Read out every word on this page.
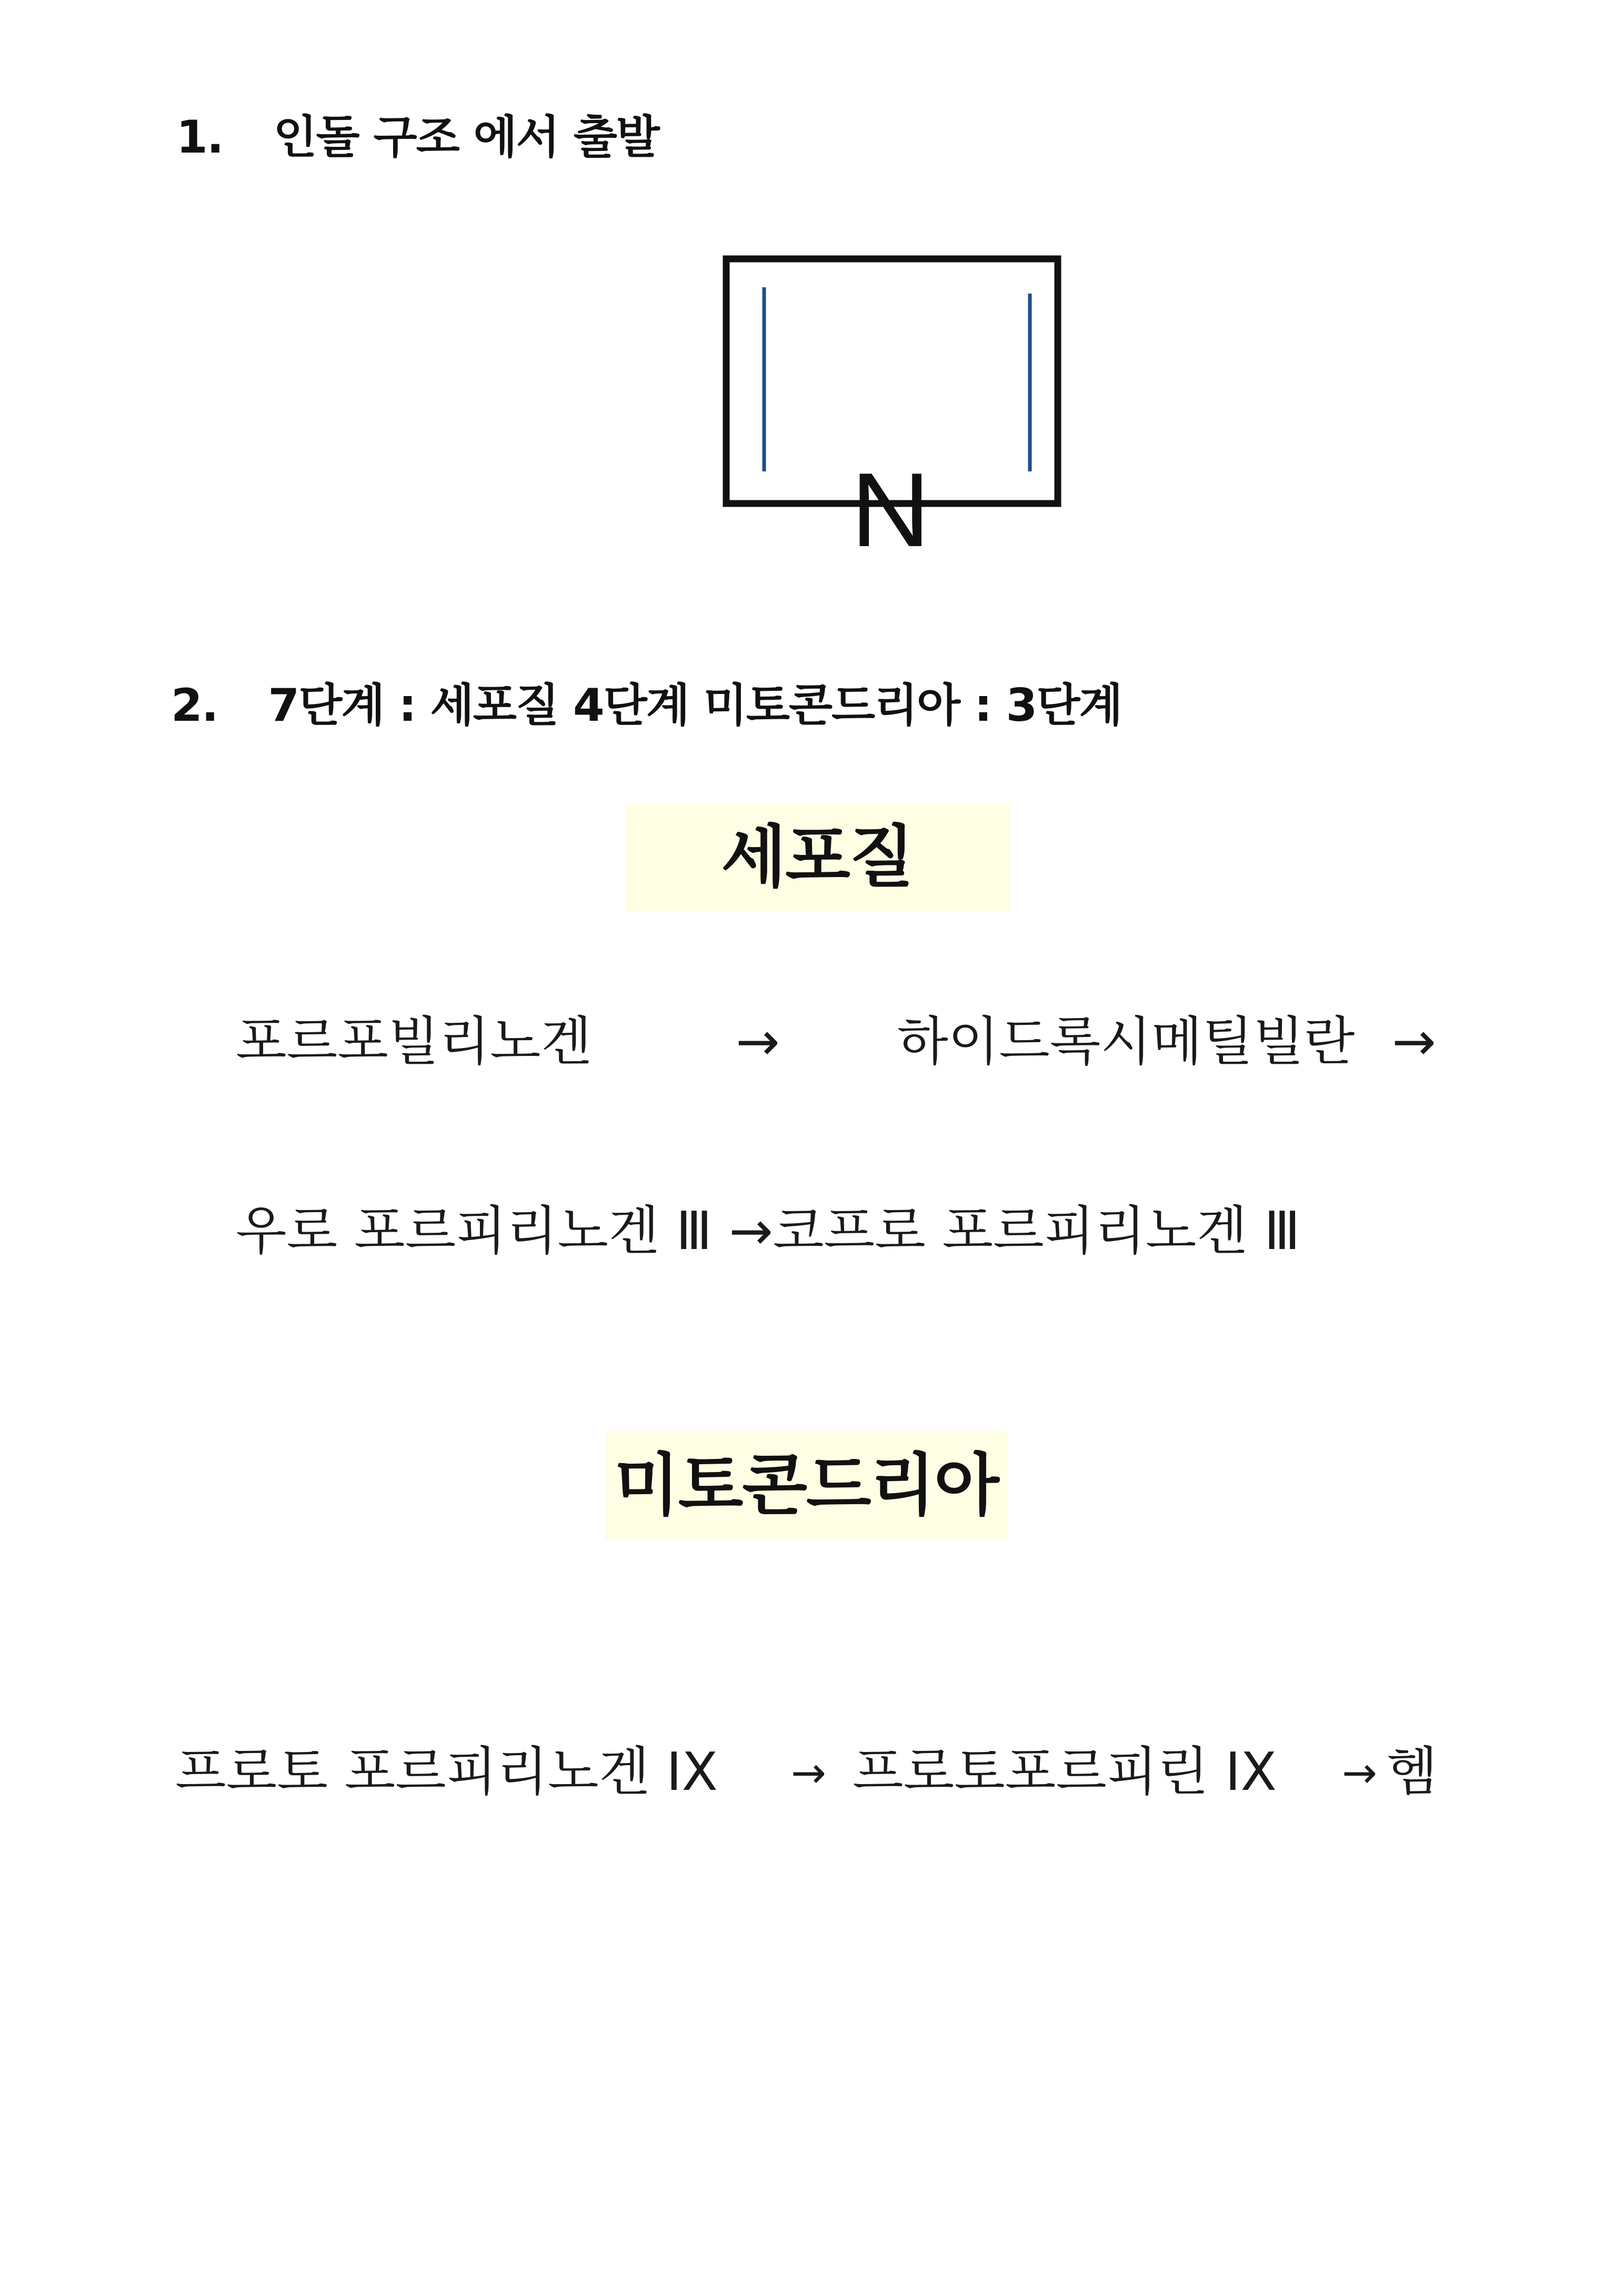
1. 인돌 구조 에서 출발
N
2. 7단계 : 세포질 4단계 미토콘드리아 : 3단계
세포질
포르포빌리노겐	→ 하이드록시메틸빌란 →
우로 포르피리노겐 Ⅲ →코프로 포르피리노겐 Ⅲ
미토콘드리아
프로토 포르피리노겐 IX → 프로토포르피린 IX → 헴
